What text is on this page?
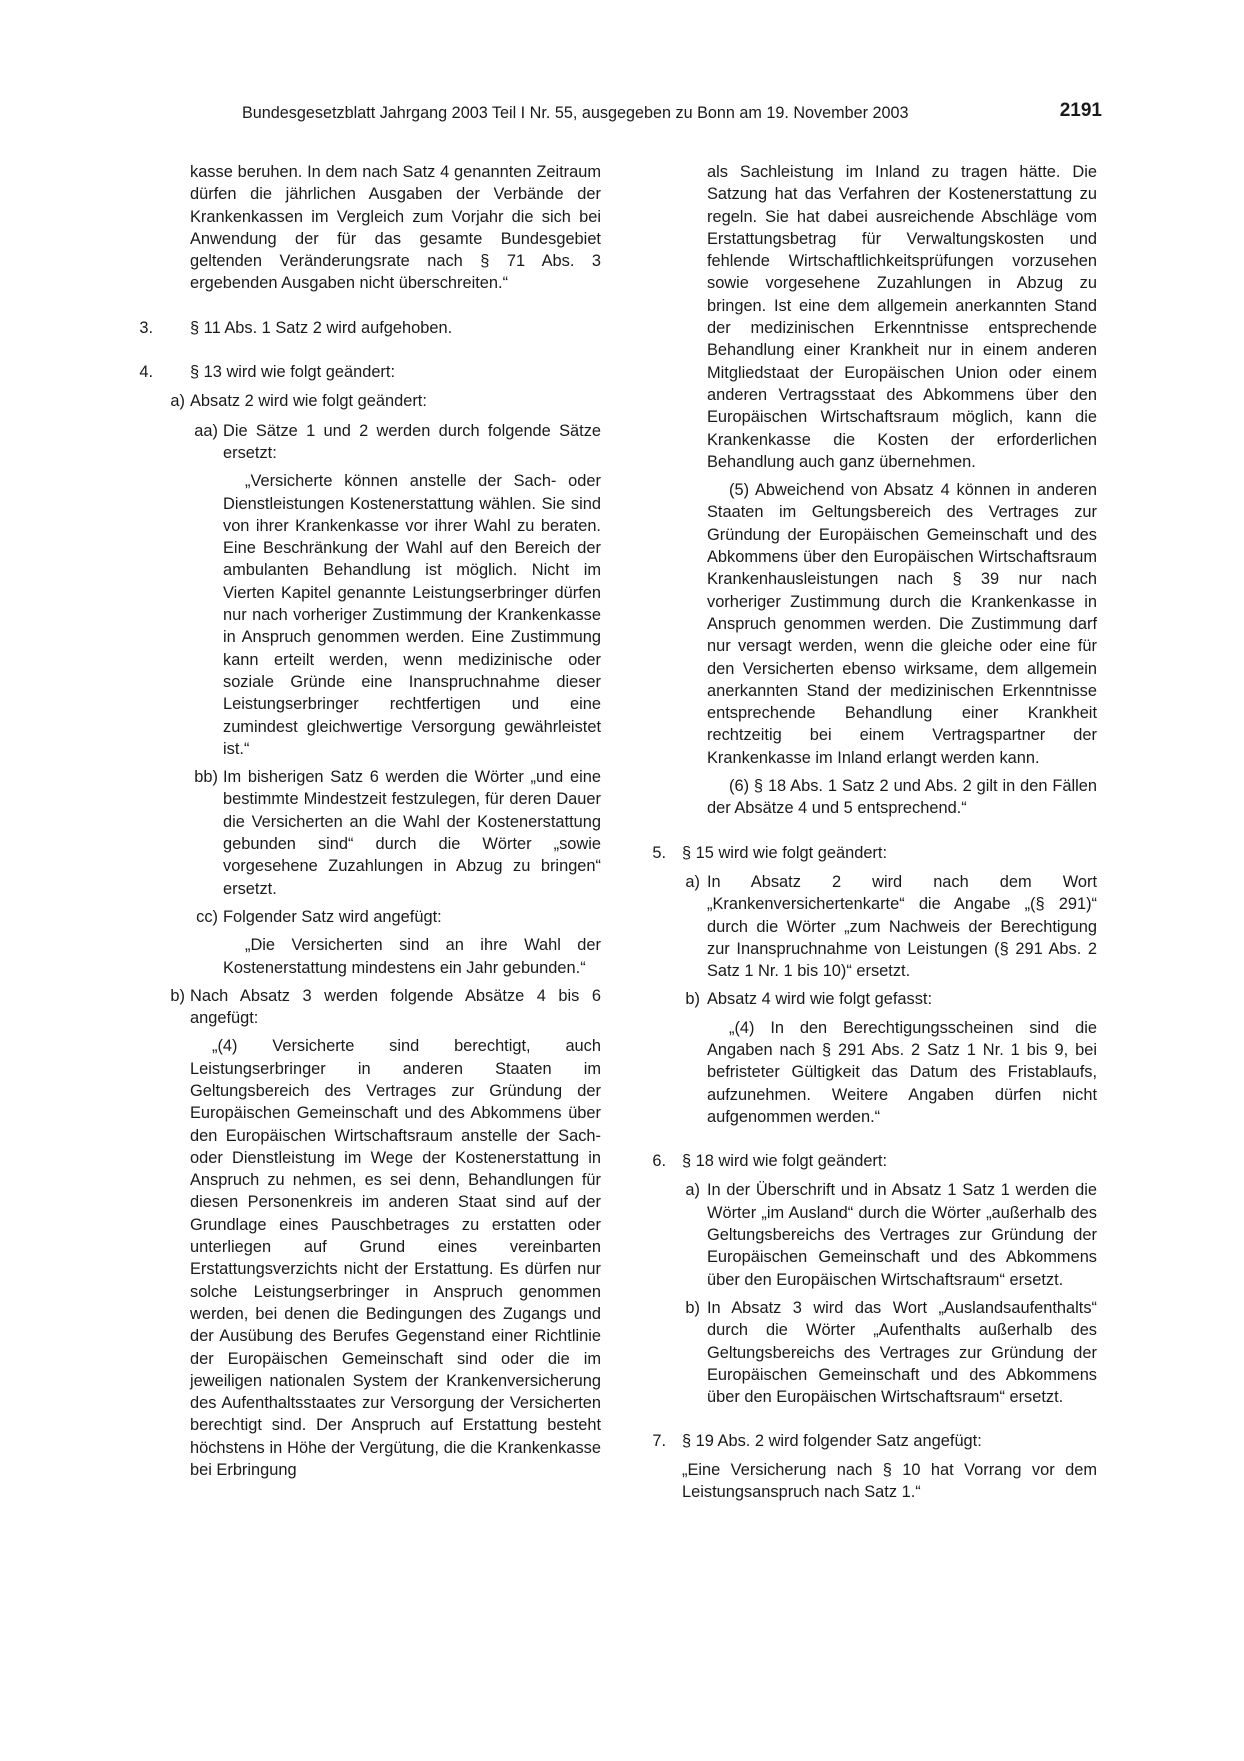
Bundesgesetzblatt Jahrgang 2003 Teil I Nr. 55, ausgegeben zu Bonn am 19. November 2003	2191

kasse beruhen. In dem nach Satz 4 genannten Zeitraum dürfen die jährlichen Ausgaben der Verbände der Krankenkassen im Vergleich zum Vorjahr die sich bei Anwendung der für das gesamte Bundesgebiet geltenden Veränderungsrate nach § 71 Abs. 3 ergebenden Ausgaben nicht überschreiten.“

3. § 11 Abs. 1 Satz 2 wird aufgehoben.

4. § 13 wird wie folgt geändert:

a) Absatz 2 wird wie folgt geändert:

aa) Die Sätze 1 und 2 werden durch folgende Sätze ersetzt:

„Versicherte können anstelle der Sach- oder Dienstleistungen Kostenerstattung wählen. Sie sind von ihrer Krankenkasse vor ihrer Wahl zu beraten. Eine Beschränkung der Wahl auf den Bereich der ambulanten Behandlung ist möglich. Nicht im Vierten Kapitel genannte Leistungserbringer dürfen nur nach vorheriger Zustimmung der Krankenkasse in Anspruch genommen werden. Eine Zustimmung kann erteilt werden, wenn medizinische oder soziale Gründe eine Inanspruchnahme dieser Leistungserbringer rechtfertigen und eine zumindest gleichwertige Versorgung gewährleistet ist.“

bb) Im bisherigen Satz 6 werden die Wörter „und eine bestimmte Mindestzeit festzulegen, für deren Dauer die Versicherten an die Wahl der Kostenerstattung gebunden sind“ durch die Wörter „sowie vorgesehene Zuzahlungen in Abzug zu bringen“ ersetzt.

cc) Folgender Satz wird angefügt:

„Die Versicherten sind an ihre Wahl der Kostenerstattung mindestens ein Jahr gebunden.“

b) Nach Absatz 3 werden folgende Absätze 4 bis 6 angefügt:

„(4) Versicherte sind berechtigt, auch Leistungserbringer in anderen Staaten im Geltungsbereich des Vertrages zur Gründung der Europäischen Gemeinschaft und des Abkommens über den Europäischen Wirtschaftsraum anstelle der Sach- oder Dienstleistung im Wege der Kostenerstattung in Anspruch zu nehmen, es sei denn, Behandlungen für diesen Personenkreis im anderen Staat sind auf der Grundlage eines Pauschbetrages zu erstatten oder unterliegen auf Grund eines vereinbarten Erstattungsverzichts nicht der Erstattung. Es dürfen nur solche Leistungserbringer in Anspruch genommen werden, bei denen die Bedingungen des Zugangs und der Ausübung des Berufes Gegenstand einer Richtlinie der Europäischen Gemeinschaft sind oder die im jeweiligen nationalen System der Krankenversicherung des Aufenthaltsstaates zur Versorgung der Versicherten berechtigt sind. Der Anspruch auf Erstattung besteht höchstens in Höhe der Vergütung, die die Krankenkasse bei Erbringung

als Sachleistung im Inland zu tragen hätte. Die Satzung hat das Verfahren der Kostenerstattung zu regeln. Sie hat dabei ausreichende Abschläge vom Erstattungsbetrag für Verwaltungskosten und fehlende Wirtschaftlichkeitsprüfungen vorzusehen sowie vorgesehene Zuzahlungen in Abzug zu bringen. Ist eine dem allgemein anerkannten Stand der medizinischen Erkenntnisse entsprechende Behandlung einer Krankheit nur in einem anderen Mitgliedstaat der Europäischen Union oder einem anderen Vertragsstaat des Abkommens über den Europäischen Wirtschaftsraum möglich, kann die Krankenkasse die Kosten der erforderlichen Behandlung auch ganz übernehmen.

(5) Abweichend von Absatz 4 können in anderen Staaten im Geltungsbereich des Vertrages zur Gründung der Europäischen Gemeinschaft und des Abkommens über den Europäischen Wirtschaftsraum Krankenhausleistungen nach § 39 nur nach vorheriger Zustimmung durch die Krankenkasse in Anspruch genommen werden. Die Zustimmung darf nur versagt werden, wenn die gleiche oder eine für den Versicherten ebenso wirksame, dem allgemein anerkannten Stand der medizinischen Erkenntnisse entsprechende Behandlung einer Krankheit rechtzeitig bei einem Vertragspartner der Krankenkasse im Inland erlangt werden kann.

(6) § 18 Abs. 1 Satz 2 und Abs. 2 gilt in den Fällen der Absätze 4 und 5 entsprechend.“

5. § 15 wird wie folgt geändert:

a) In Absatz 2 wird nach dem Wort „Krankenversichertenkarte“ die Angabe „(§ 291)“ durch die Wörter „zum Nachweis der Berechtigung zur Inanspruchnahme von Leistungen (§ 291 Abs. 2 Satz 1 Nr. 1 bis 10)“ ersetzt.

b) Absatz 4 wird wie folgt gefasst:

„(4) In den Berechtigungsscheinen sind die Angaben nach § 291 Abs. 2 Satz 1 Nr. 1 bis 9, bei befristeter Gültigkeit das Datum des Fristablaufs, aufzunehmen. Weitere Angaben dürfen nicht aufgenommen werden.“

6. § 18 wird wie folgt geändert:

a) In der Überschrift und in Absatz 1 Satz 1 werden die Wörter „im Ausland“ durch die Wörter „außerhalb des Geltungsbereichs des Vertrages zur Gründung der Europäischen Gemeinschaft und des Abkommens über den Europäischen Wirtschaftsraum“ ersetzt.

b) In Absatz 3 wird das Wort „Auslandsaufenthalts“ durch die Wörter „Aufenthalts außerhalb des Geltungsbereichs des Vertrages zur Gründung der Europäischen Gemeinschaft und des Abkommens über den Europäischen Wirtschaftsraum“ ersetzt.

7. § 19 Abs. 2 wird folgender Satz angefügt:

„Eine Versicherung nach § 10 hat Vorrang vor dem Leistungsanspruch nach Satz 1.“
